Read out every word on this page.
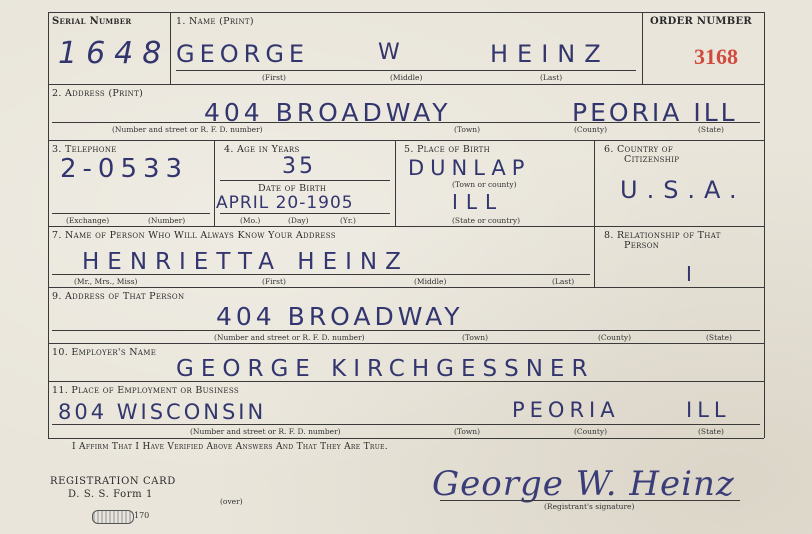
Serial Number
1648
1. Name (Print)
GEORGE	W	HEINZ
(First)	(Middle)	(Last)
ORDER NUMBER
3168
2. Address (Print)
404 BROADWAY	PEORIA ILL
(Number and street or R. F. D. number)	(Town)	(County)	(State)
3. Telephone
2-0533
(Exchange)	(Number)
4. Age in Years
35
Date of Birth
APRIL 20-1905
(Mo.)	(Day)	(Yr.)
5. Place of Birth
DUNLAP
(Town or county)
ILL
(State or country)
6. Country of
Citizenship
U.S.A.
7. Name of Person Who Will Always Know Your Address
HENRIETTA HEINZ
(Mr., Mrs., Miss)	(First)	(Middle)	(Last)
8. Relationship of That
Person
I
9. Address of That Person
404 BROADWAY
(Number and street or R. F. D. number)	(Town)	(County)	(State)
10. Employer's Name
GEORGE KIRCHGESSNER
11. Place of Employment or Business
804 WISCONSIN	PEORIA	ILL
(Number and street or R. F. D. number)	(Town)	(County)	(State)
I Affirm That I Have Verified Above Answers And That They Are True.
REGISTRATION CARD
D. S. S. Form 1
(over)
170
George W. Heinz
(Registrant's signature)
